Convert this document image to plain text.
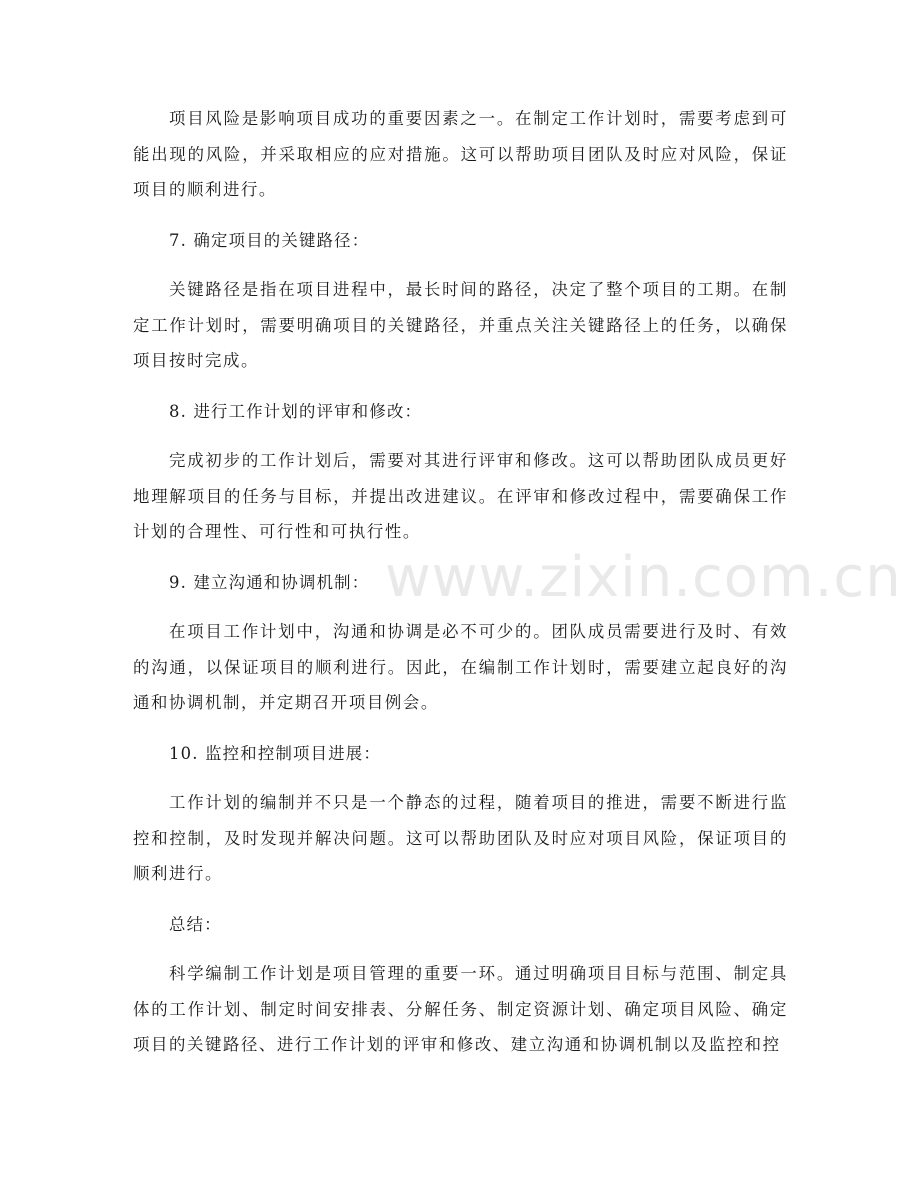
项目风险是影响项目成功的重要因素之一。在制定工作计划时，需要考虑到可能出现的风险，并采取相应的应对措施。这可以帮助项目团队及时应对风险，保证项目的顺利进行。

7. 确定项目的关键路径：

关键路径是指在项目进程中，最长时间的路径，决定了整个项目的工期。在制定工作计划时，需要明确项目的关键路径，并重点关注关键路径上的任务，以确保项目按时完成。

8. 进行工作计划的评审和修改：

完成初步的工作计划后，需要对其进行评审和修改。这可以帮助团队成员更好地理解项目的任务与目标，并提出改进建议。在评审和修改过程中，需要确保工作计划的合理性、可行性和可执行性。

9. 建立沟通和协调机制：

在项目工作计划中，沟通和协调是必不可少的。团队成员需要进行及时、有效的沟通，以保证项目的顺利进行。因此，在编制工作计划时，需要建立起良好的沟通和协调机制，并定期召开项目例会。

10. 监控和控制项目进展：

工作计划的编制并不只是一个静态的过程，随着项目的推进，需要不断进行监控和控制，及时发现并解决问题。这可以帮助团队及时应对项目风险，保证项目的顺利进行。

总结：

科学编制工作计划是项目管理的重要一环。通过明确项目目标与范围、制定具体的工作计划、制定时间安排表、分解任务、制定资源计划、确定项目风险、确定项目的关键路径、进行工作计划的评审和修改、建立沟通和协调机制以及监控和控

www.zixin.com.cn
